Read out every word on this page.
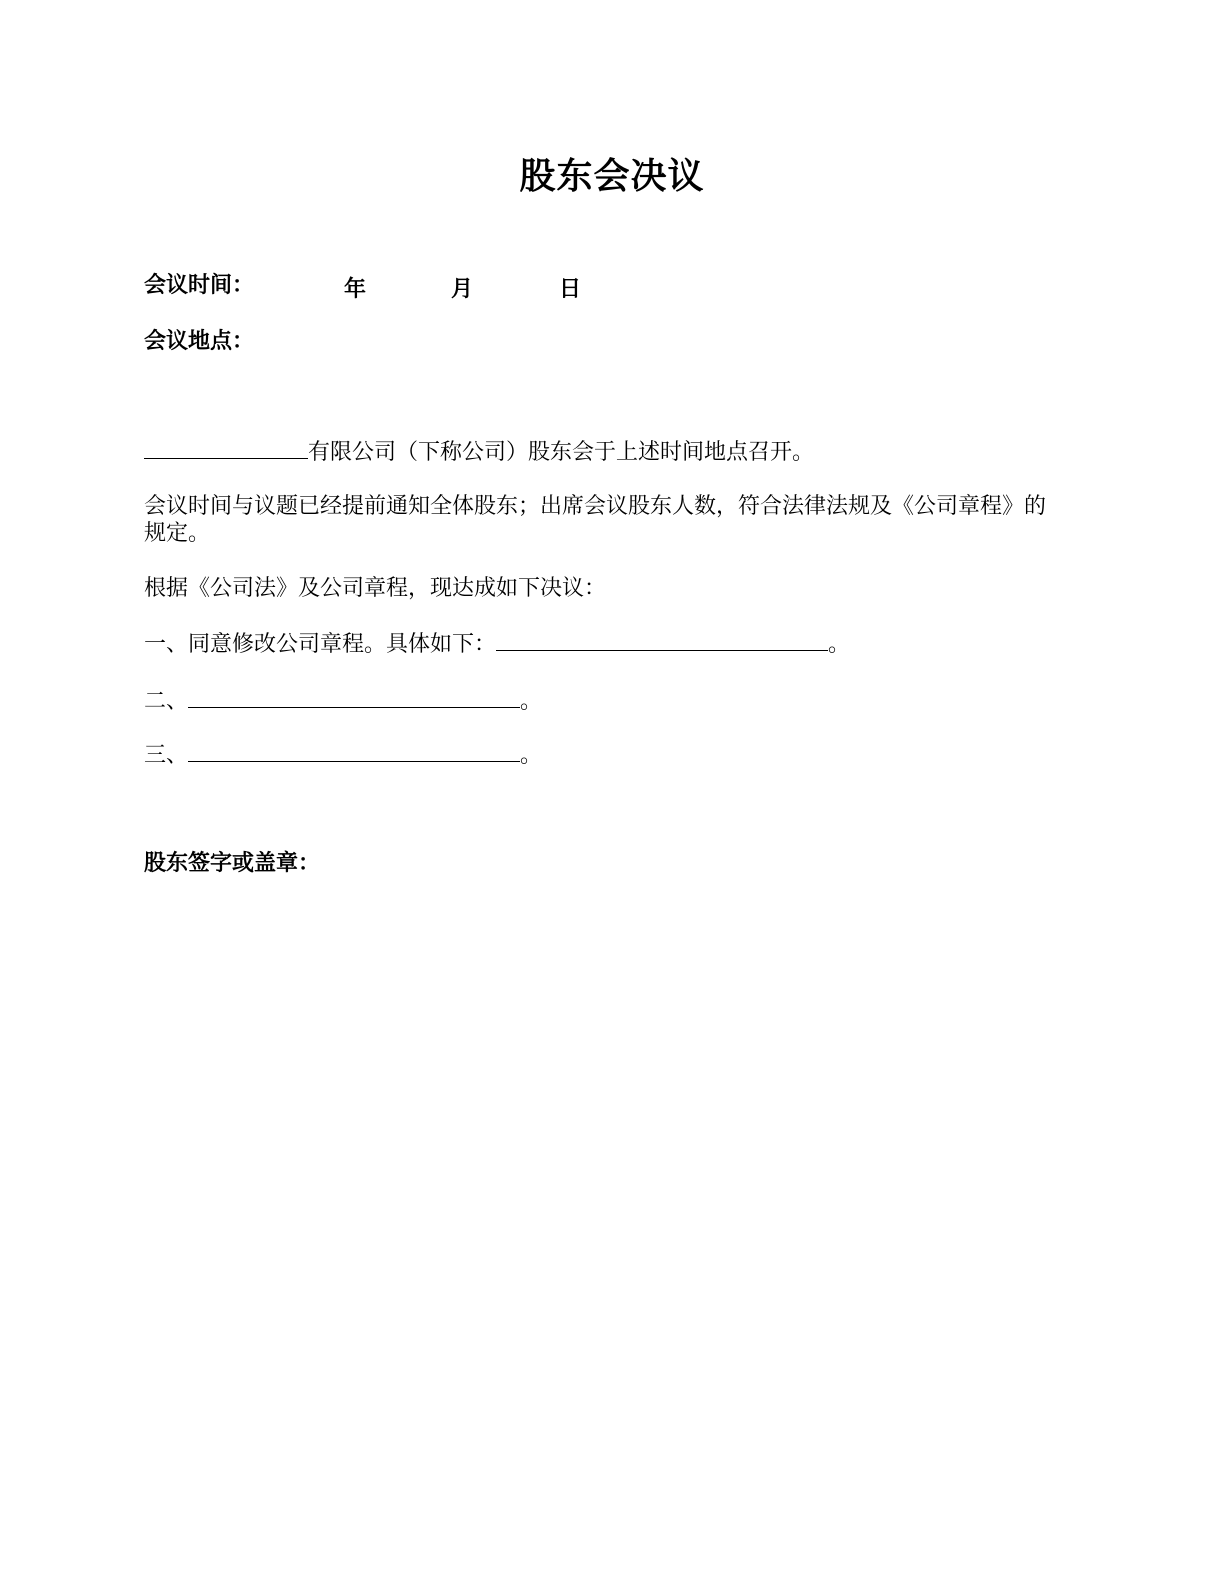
股东会决议
会议时间：	年	月	日
会议地点：
有限公司（下称公司）股东会于上述时间地点召开。
会议时间与议题已经提前通知全体股东；出席会议股东人数，符合法律法规及《公司章程》的规定。
根据《公司法》及公司章程，现达成如下决议：
一、同意修改公司章程。具体如下：	。
二、	。
三、	。
股东签字或盖章：
